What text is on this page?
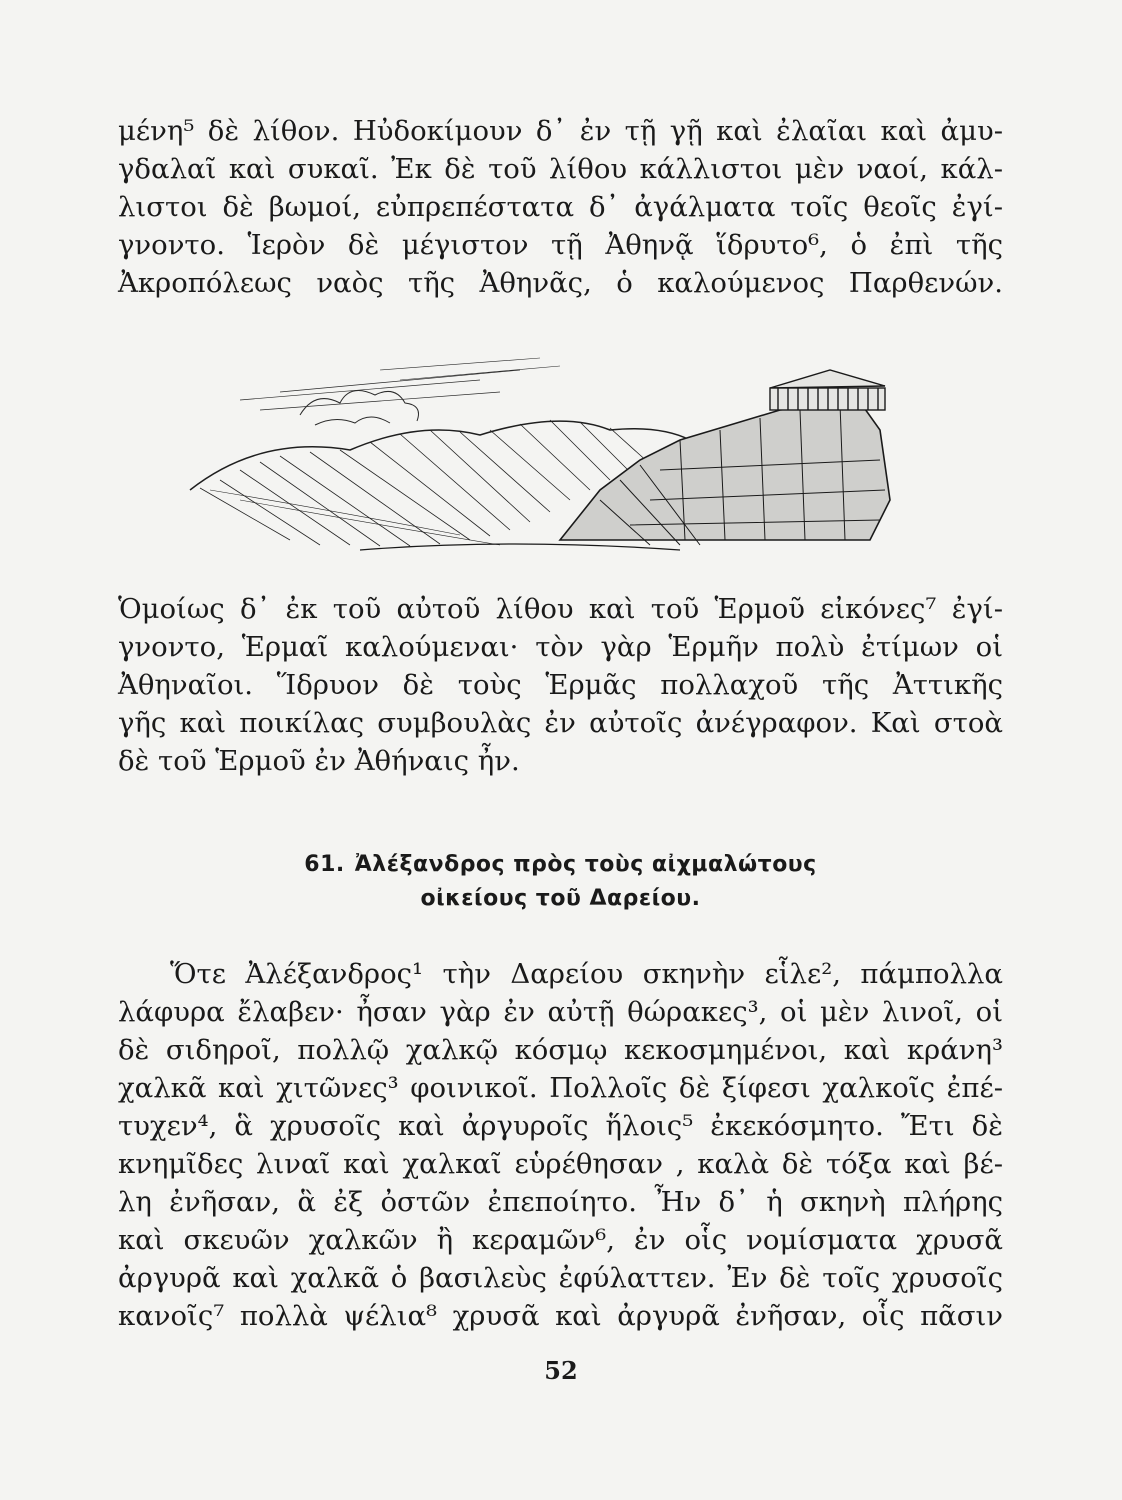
μένη⁵ δὲ λίθον. Ηὐδοκίμουν δ᾽ ἐν τῇ γῇ καὶ ἐλαῖαι καὶ ἀμυ-
γδαλαῖ καὶ συκαῖ. Ἐκ δὲ τοῦ λίθου κάλλιστοι μὲν ναοί, κάλ-
λιστοι δὲ βωμοί, εὐπρεπέστατα δ᾽ ἀγάλματα τοῖς θεοῖς ἐγί-
γνοντο. Ἱερὸν δὲ μέγιστον τῇ Ἀθηνᾷ ἵδρυτο⁶, ὁ ἐπὶ τῆς
Ἀκροπόλεως ναὸς τῆς Ἀθηνᾶς, ὁ καλούμενος Παρθενών.
Ὁμοίως δ᾽ ἐκ τοῦ αὐτοῦ λίθου καὶ τοῦ Ἑρμοῦ εἰκόνες⁷ ἐγί-
γνοντο, Ἑρμαῖ καλούμεναι· τὸν γὰρ Ἑρμῆν πολὺ ἐτίμων οἱ
Ἀθηναῖοι. Ἵδρυον δὲ τοὺς Ἑρμᾶς πολλαχοῦ τῆς Ἀττικῆς
γῆς καὶ ποικίλας συμβουλὰς ἐν αὐτοῖς ἀνέγραφον. Καὶ στοὰ
δὲ τοῦ Ἑρμοῦ ἐν Ἀθήναις ἦν.
61. Ἀλέξανδρος πρὸς τοὺς αἰχμαλώτους
οἰκείους τοῦ Δαρείου.
Ὅτε Ἀλέξανδρος¹ τὴν Δαρείου σκηνὴν εἷλε², πάμπολλα
λάφυρα ἔλαβεν· ἦσαν γὰρ ἐν αὐτῇ θώρακες³, οἱ μὲν λινοῖ, οἱ
δὲ σιδηροῖ, πολλῷ χαλκῷ κόσμῳ κεκοσμημένοι, καὶ κράνη³
χαλκᾶ καὶ χιτῶνες³ φοινικοῖ. Πολλοῖς δὲ ξίφεσι χαλκοῖς ἐπέ-
τυχεν⁴, ἃ χρυσοῖς καὶ ἀργυροῖς ἥλοις⁵ ἐκεκόσμητο. Ἔτι δὲ
κνημῖδες λιναῖ καὶ χαλκαῖ εὑρέθησαν , καλὰ δὲ τόξα καὶ βέ-
λη ἐνῆσαν, ἃ ἐξ ὀστῶν ἐπεποίητο. Ἦν δ᾽ ἡ σκηνὴ πλήρης
καὶ σκευῶν χαλκῶν ἢ κεραμῶν⁶, ἐν οἷς νομίσματα χρυσᾶ
ἀργυρᾶ καὶ χαλκᾶ ὁ βασιλεὺς ἐφύλαττεν. Ἐν δὲ τοῖς χρυσοῖς
κανοῖς⁷ πολλὰ ψέλια⁸ χρυσᾶ καὶ ἀργυρᾶ ἐνῆσαν, οἷς πᾶσιν
52
